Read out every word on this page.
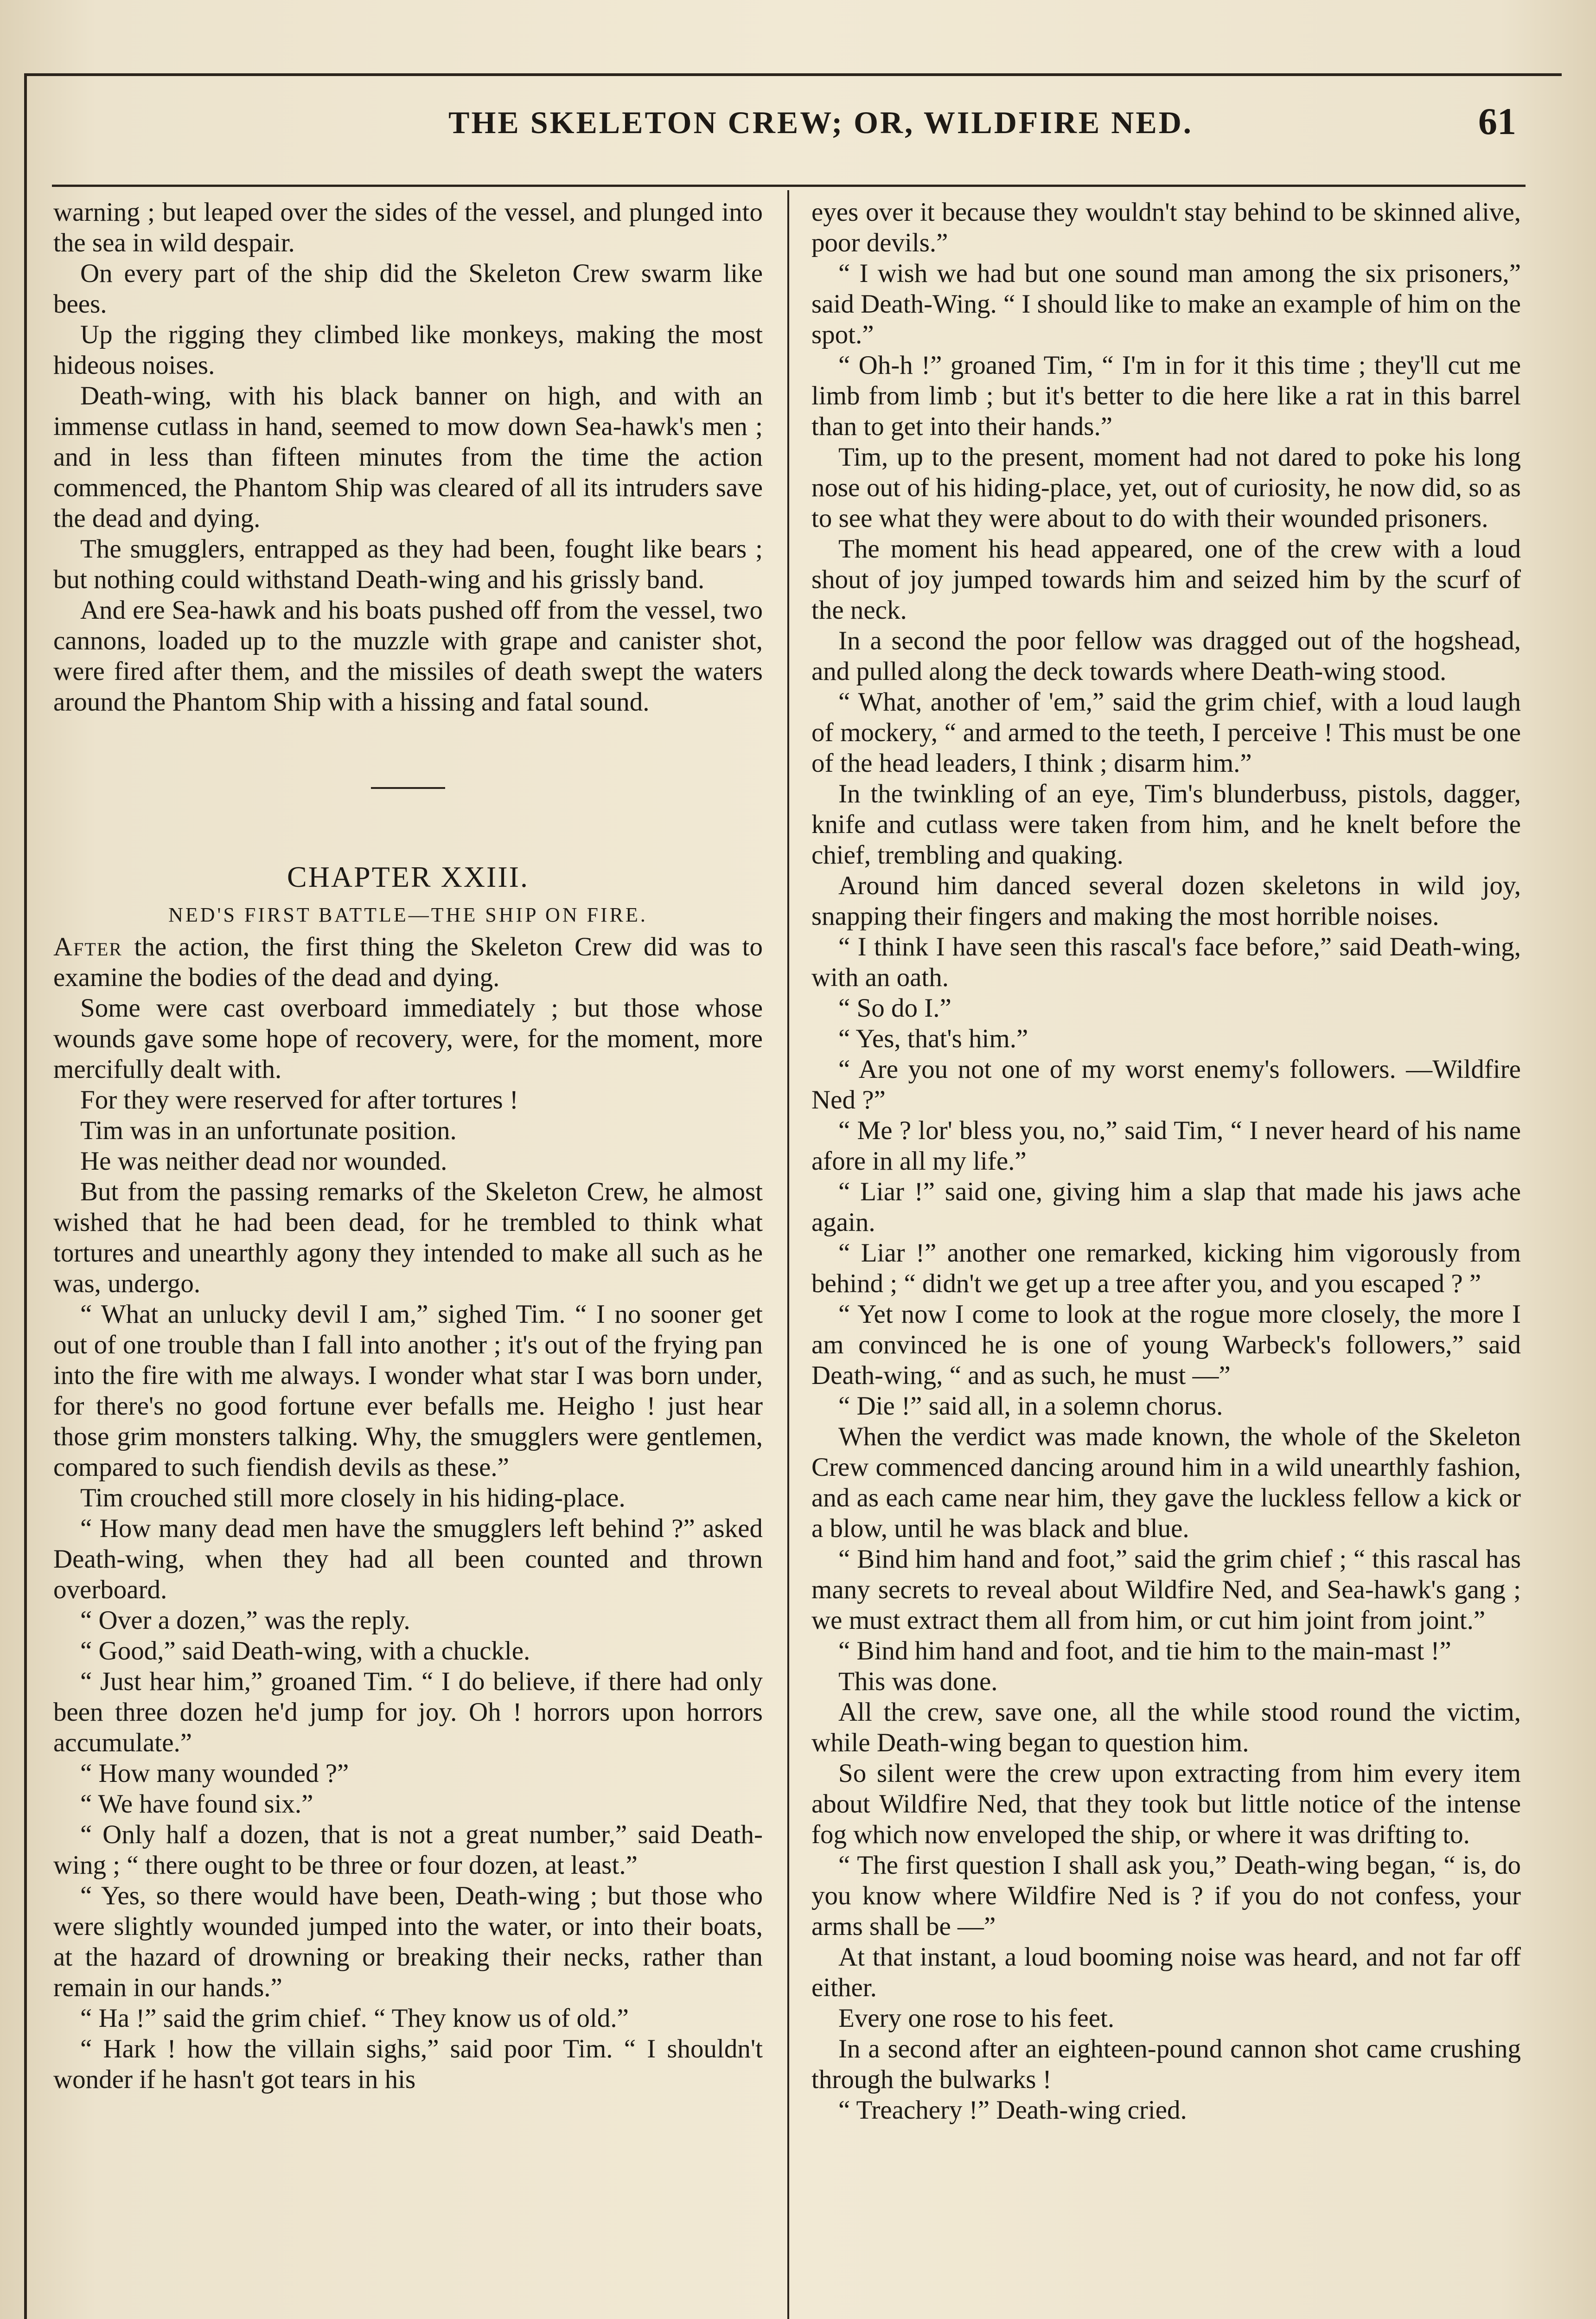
THE SKELETON CREW; OR, WILDFIRE NED.	61

warning ; but leaped over the sides of the vessel, and plunged into the sea in wild despair.

On every part of the ship did the Skeleton Crew swarm like bees.

Up the rigging they climbed like monkeys, making the most hideous noises.

Death-wing, with his black banner on high, and with an immense cutlass in hand, seemed to mow down Sea-hawk's men ; and in less than fifteen minutes from the time the action commenced, the Phantom Ship was cleared of all its intruders save the dead and dying.

The smugglers, entrapped as they had been, fought like bears ; but nothing could withstand Death-wing and his grissly band.

And ere Sea-hawk and his boats pushed off from the vessel, two cannons, loaded up to the muzzle with grape and canister shot, were fired after them, and the missiles of death swept the waters around the Phantom Ship with a hissing and fatal sound.

CHAPTER XXIII.
NED'S FIRST BATTLE—THE SHIP ON FIRE.

After the action, the first thing the Skeleton Crew did was to examine the bodies of the dead and dying.

Some were cast overboard immediately ; but those whose wounds gave some hope of recovery, were, for the moment, more mercifully dealt with.

For they were reserved for after tortures !

Tim was in an unfortunate position.

He was neither dead nor wounded.

But from the passing remarks of the Skeleton Crew, he almost wished that he had been dead, for he trembled to think what tortures and unearthly agony they intended to make all such as he was, undergo.

“ What an unlucky devil I am,” sighed Tim. “ I no sooner get out of one trouble than I fall into another ; it's out of the frying pan into the fire with me always. I wonder what star I was born under, for there's no good fortune ever befalls me. Heigho ! just hear those grim monsters talking. Why, the smugglers were gentlemen, compared to such fiendish devils as these.”

Tim crouched still more closely in his hiding-place.

“ How many dead men have the smugglers left behind ?” asked Death-wing, when they had all been counted and thrown overboard.

“ Over a dozen,” was the reply.

“ Good,” said Death-wing, with a chuckle.

“ Just hear him,” groaned Tim. “ I do believe, if there had only been three dozen he'd jump for joy. Oh ! horrors upon horrors accumulate.”

“ How many wounded ?”

“ We have found six.”

“ Only half a dozen, that is not a great number,” said Death-wing ; “ there ought to be three or four dozen, at least.”

“ Yes, so there would have been, Death-wing ; but those who were slightly wounded jumped into the water, or into their boats, at the hazard of drowning or breaking their necks, rather than remain in our hands.”

“ Ha !” said the grim chief. “ They know us of old.”

“ Hark ! how the villain sighs,” said poor Tim. “ I shouldn't wonder if he hasn't got tears in his

eyes over it because they wouldn't stay behind to be skinned alive, poor devils.”

“ I wish we had but one sound man among the six prisoners,” said Death-Wing. “ I should like to make an example of him on the spot.”

“ Oh-h !” groaned Tim, “ I'm in for it this time ; they'll cut me limb from limb ; but it's better to die here like a rat in this barrel than to get into their hands.”

Tim, up to the present, moment had not dared to poke his long nose out of his hiding-place, yet, out of curiosity, he now did, so as to see what they were about to do with their wounded prisoners.

The moment his head appeared, one of the crew with a loud shout of joy jumped towards him and seized him by the scurf of the neck.

In a second the poor fellow was dragged out of the hogshead, and pulled along the deck towards where Death-wing stood.

“ What, another of 'em,” said the grim chief, with a loud laugh of mockery, “ and armed to the teeth, I perceive ! This must be one of the head leaders, I think ; disarm him.”

In the twinkling of an eye, Tim's blunderbuss, pistols, dagger, knife and cutlass were taken from him, and he knelt before the chief, trembling and quaking.

Around him danced several dozen skeletons in wild joy, snapping their fingers and making the most horrible noises.

“ I think I have seen this rascal's face before,” said Death-wing, with an oath.

“ So do I.”

“ Yes, that's him.”

“ Are you not one of my worst enemy's followers. —Wildfire Ned ?”

“ Me ? lor' bless you, no,” said Tim, “ I never heard of his name afore in all my life.”

“ Liar !” said one, giving him a slap that made his jaws ache again.

“ Liar !” another one remarked, kicking him vigorously from behind ; “ didn't we get up a tree after you, and you escaped ? ”

“ Yet now I come to look at the rogue more closely, the more I am convinced he is one of young Warbeck's followers,” said Death-wing, “ and as such, he must —”

“ Die !” said all, in a solemn chorus.

When the verdict was made known, the whole of the Skeleton Crew commenced dancing around him in a wild unearthly fashion, and as each came near him, they gave the luckless fellow a kick or a blow, until he was black and blue.

“ Bind him hand and foot,” said the grim chief ; “ this rascal has many secrets to reveal about Wildfire Ned, and Sea-hawk's gang ; we must extract them all from him, or cut him joint from joint.”

“ Bind him hand and foot, and tie him to the main-mast !”

This was done.

All the crew, save one, all the while stood round the victim, while Death-wing began to question him.

So silent were the crew upon extracting from him every item about Wildfire Ned, that they took but little notice of the intense fog which now enveloped the ship, or where it was drifting to.

“ The first question I shall ask you,” Death-wing began, “ is, do you know where Wildfire Ned is ? if you do not confess, your arms shall be —”

At that instant, a loud booming noise was heard, and not far off either.

Every one rose to his feet.

In a second after an eighteen-pound cannon shot came crushing through the bulwarks !

“ Treachery !” Death-wing cried.
